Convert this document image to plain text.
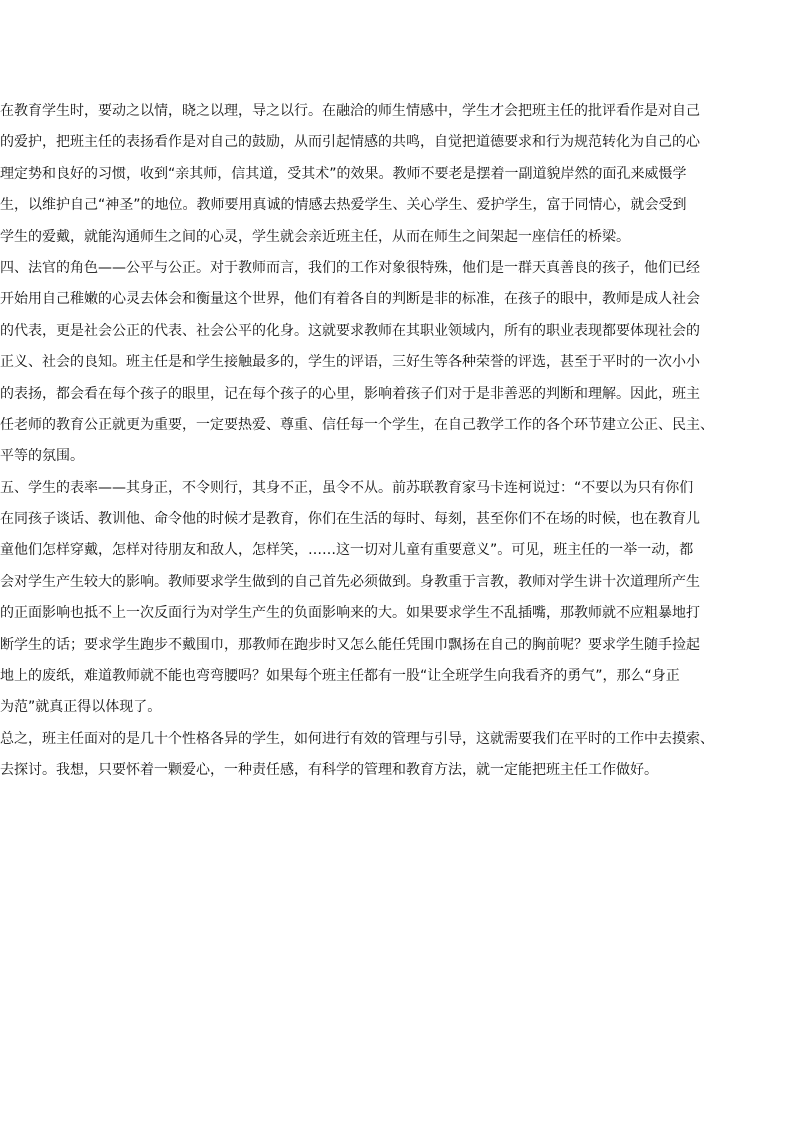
在教育学生时，要动之以情，晓之以理，导之以行。在融洽的师生情感中，学生才会把班主任的批评看作是对自己
的爱护，把班主任的表扬看作是对自己的鼓励，从而引起情感的共鸣，自觉把道德要求和行为规范转化为自己的心
理定势和良好的习惯，收到“亲其师，信其道，受其术”的效果。教师不要老是摆着一副道貌岸然的面孔来威慑学
生，以维护自己“神圣”的地位。教师要用真诚的情感去热爱学生、关心学生、爱护学生，富于同情心，就会受到
学生的爱戴，就能沟通师生之间的心灵，学生就会亲近班主任，从而在师生之间架起一座信任的桥梁。
四、法官的角色——公平与公正。对于教师而言，我们的工作对象很特殊，他们是一群天真善良的孩子，他们已经
开始用自己稚嫩的心灵去体会和衡量这个世界，他们有着各自的判断是非的标准，在孩子的眼中，教师是成人社会
的代表，更是社会公正的代表、社会公平的化身。这就要求教师在其职业领域内，所有的职业表现都要体现社会的
正义、社会的良知。班主任是和学生接触最多的，学生的评语，三好生等各种荣誉的评选，甚至于平时的一次小小
的表扬，都会看在每个孩子的眼里，记在每个孩子的心里，影响着孩子们对于是非善恶的判断和理解。因此，班主
任老师的教育公正就更为重要，一定要热爱、尊重、信任每一个学生，在自己教学工作的各个环节建立公正、民主、
平等的氛围。
五、学生的表率——其身正，不令则行，其身不正，虽令不从。前苏联教育家马卡连柯说过：“不要以为只有你们
在同孩子谈话、教训他、命令他的时候才是教育，你们在生活的每时、每刻，甚至你们不在场的时候，也在教育儿
童他们怎样穿戴，怎样对待朋友和敌人，怎样笑，……这一切对儿童有重要意义”。可见，班主任的一举一动，都
会对学生产生较大的影响。教师要求学生做到的自己首先必须做到。身教重于言教，教师对学生讲十次道理所产生
的正面影响也抵不上一次反面行为对学生产生的负面影响来的大。如果要求学生不乱插嘴，那教师就不应粗暴地打
断学生的话；要求学生跑步不戴围巾，那教师在跑步时又怎么能任凭围巾飘扬在自己的胸前呢？要求学生随手捡起
地上的废纸，难道教师就不能也弯弯腰吗？如果每个班主任都有一股“让全班学生向我看齐的勇气”，那么“身正
为范”就真正得以体现了。
总之，班主任面对的是几十个性格各异的学生，如何进行有效的管理与引导，这就需要我们在平时的工作中去摸索、
去探讨。我想，只要怀着一颗爱心，一种责任感，有科学的管理和教育方法，就一定能把班主任工作做好。
